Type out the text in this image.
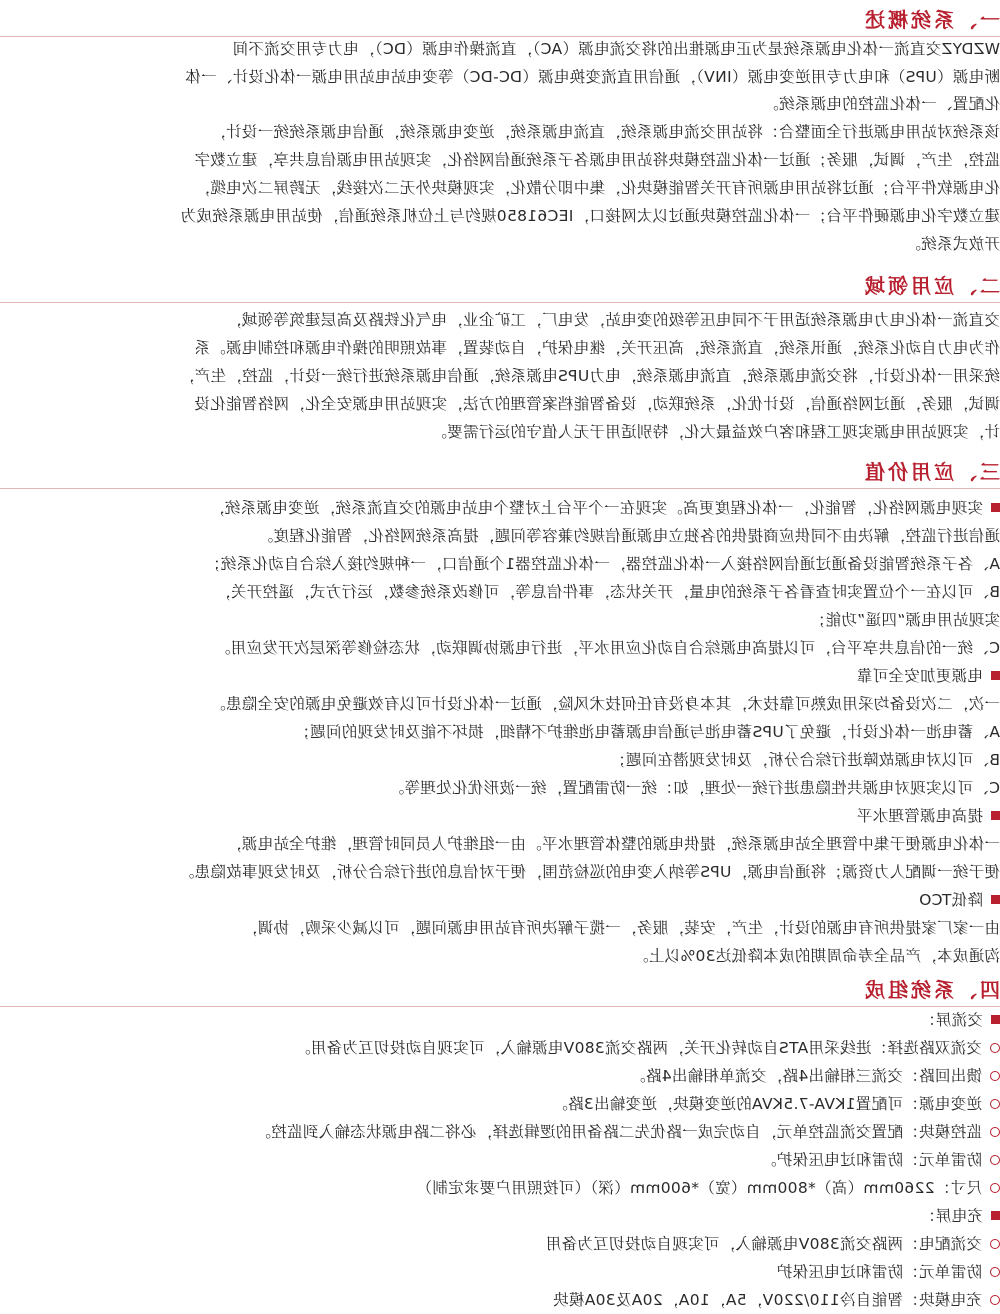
一、系统概述
WZDYZ交直流一体化电源系统是为正电源推出的将交流电源（AC），直流操作电源（DC），电力专用交流不间
断电源（UPS）和电力专用逆变电源（INV），通信用直流变换电源（DC-DC）等变电站电站用电源一体化设计、一体
化配置、一体化监控的电源系统。
该系统对站用电源进行全面整合：将站用交流电源系统，直流电源系统，逆变电源系统，通信电源系统统一设计，
监控，生产，调试，服务；通过一体化监控模块将站用电源各子系统通信网络化，实现站用电源信息共享，建立数字
化电源软件平台；通过将站用电源所有开关智能模块化，集中即分散化，实现模块外无二次接线，无跨屏二次电缆，
建立数字化电源硬件平台；一体化监控模块通过以太网接口，IEC61850规约与上位机系统通信，使站用电源系统成为
开放式系统。
二、应用领域
交直流一体化电力电源系统适用于不同电压等级的变电站，发电厂，工矿企业，电气化铁路及高层建筑等领域，
作为电力自动化系统，通讯系统，直流系统，高压开关，继电保护，自动装置，事故照明的操作电源和控制电源。系
统采用一体化设计，将交流电源系统，直流电源系统，电力UPS电源系统，通信电源系统进行统一设计，监控，生产，
调试，服务，通过网络通信，设计优化，系统联动，设备智能档案管理的方法，实现站用电源安全化，网络智能化设
计，实现站用电源实现工程和客户效益最大化，特别适用于无人值守的运行需要。
三、应用价值
实现电源网络化，智能化，一体化程度更高。实现在一个平台上对整个电站电源的交直流系统，逆变电源系统，
通信进行监控，解决由不同供应商提供的各独立电源通信规约兼容等问题，提高系统网络化，智能化程度。
A、各子系统智能设备通过通信网络接入一体化监控器，一体化监控器1个通信口，一种规约接入综合自动化系统；
B、可以在一个位置实时查看各子系统的电量，开关状态，事件信息等，可修改系统参数，运行方式，遥控开关，
实现站用电源“四遥”功能；
C、统一的信息共享平台，可以提高电源综合自动化应用水平，进行电源协调联动，状态检修等深层次开发应用。
电源更加安全可靠
一次，二次设备均采用成熟可靠技术，其本身没有任何技术风险，通过一体化设计可以有效避免电源的安全隐患。
A、蓄电池一体化设计，避免了UPS蓄电池与通信电源蓄电池维护不精细，损坏不能及时发现的问题；
B、可以对电源故障进行综合分析，及时发现潜在问题；
C、可以实现对电源共性隐患进行统一处理，如：统一防雷配置，统一波形优化处理等。
提高电源管理水平
一体化电源便于集中管理全站电源系统，提供电源的整体管理水平。由一组维护人员同时管理，维护全站电源，
便于统一调配人力资源；将通信电源，UPS等纳入变电的巡检范围，便于对信息的进行综合分析，及时发现事故隐患。
降低TCO
由一家厂家提供所有电源的设计，生产，安装，服务，一揽子解决所有站用电源问题，可以减少采购，协调，
沟通成本，产品全寿命周期的成本降低达30%以上。
四、系统组成
交流屏：
交流双路选择：进线采用ATS自动转化开关，两路交流380V电源输入，可实现自动投切互为备用。
馈出回路：交流三相输出4路，交流单相输出4路。
逆变电源：可配置1KVA-7.5KVA的逆变模块，逆变输出3路。
监控模块：配置交流监控单元，自动完成一路优先二路备用的逻辑选择，必将二路电源状态输入到监控。
防雷单元：防雷和过电压保护。
尺寸：2260mm（高）*800mm（宽）*600mm（深）（可按照用户要求定制）
充电屏：
交流配电：两路交流380V电源输入，可实现自动投切互为备用
防雷单元：防雷和过电压保护
充电模块：智能自冷110/220V，5A，10A，20A及30A模块
